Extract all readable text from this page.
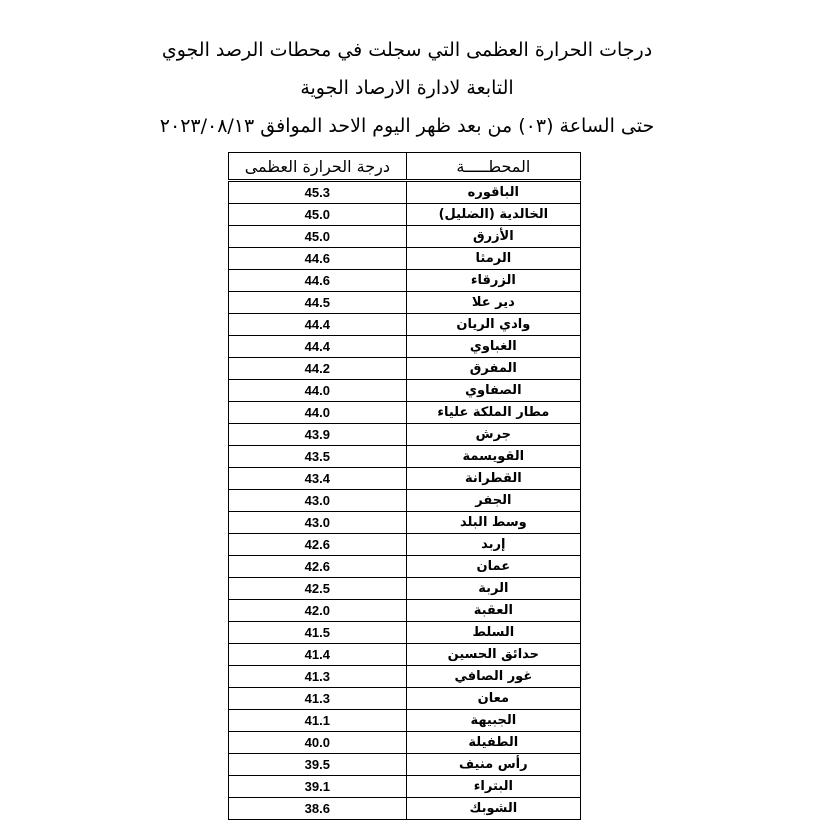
درجات الحرارة العظمى التي سجلت في محطات الرصد الجوي
التابعة لادارة الارصاد الجوية
حتى الساعة (٠٣) من بعد ظهر اليوم الاحد الموافق ٢٠٢٣/٠٨/١٣
المحطـــــة	درجة الحرارة العظمى
الباقوره	45.3
الخالدية (الضليل)	45.0
الأزرق	45.0
الرمثا	44.6
الزرقاء	44.6
دير علا	44.5
وادي الريان	44.4
الغباوي	44.4
المفرق	44.2
الصفاوي	44.0
مطار الملكة علياء	44.0
جرش	43.9
القويسمة	43.5
القطرانة	43.4
الجفر	43.0
وسط البلد	43.0
إربد	42.6
عمان	42.6
الربة	42.5
العقبة	42.0
السلط	41.5
حدائق الحسين	41.4
غور الصافي	41.3
معان	41.3
الجبيهة	41.1
الطفيلة	40.0
رأس منيف	39.5
البتراء	39.1
الشوبك	38.6
